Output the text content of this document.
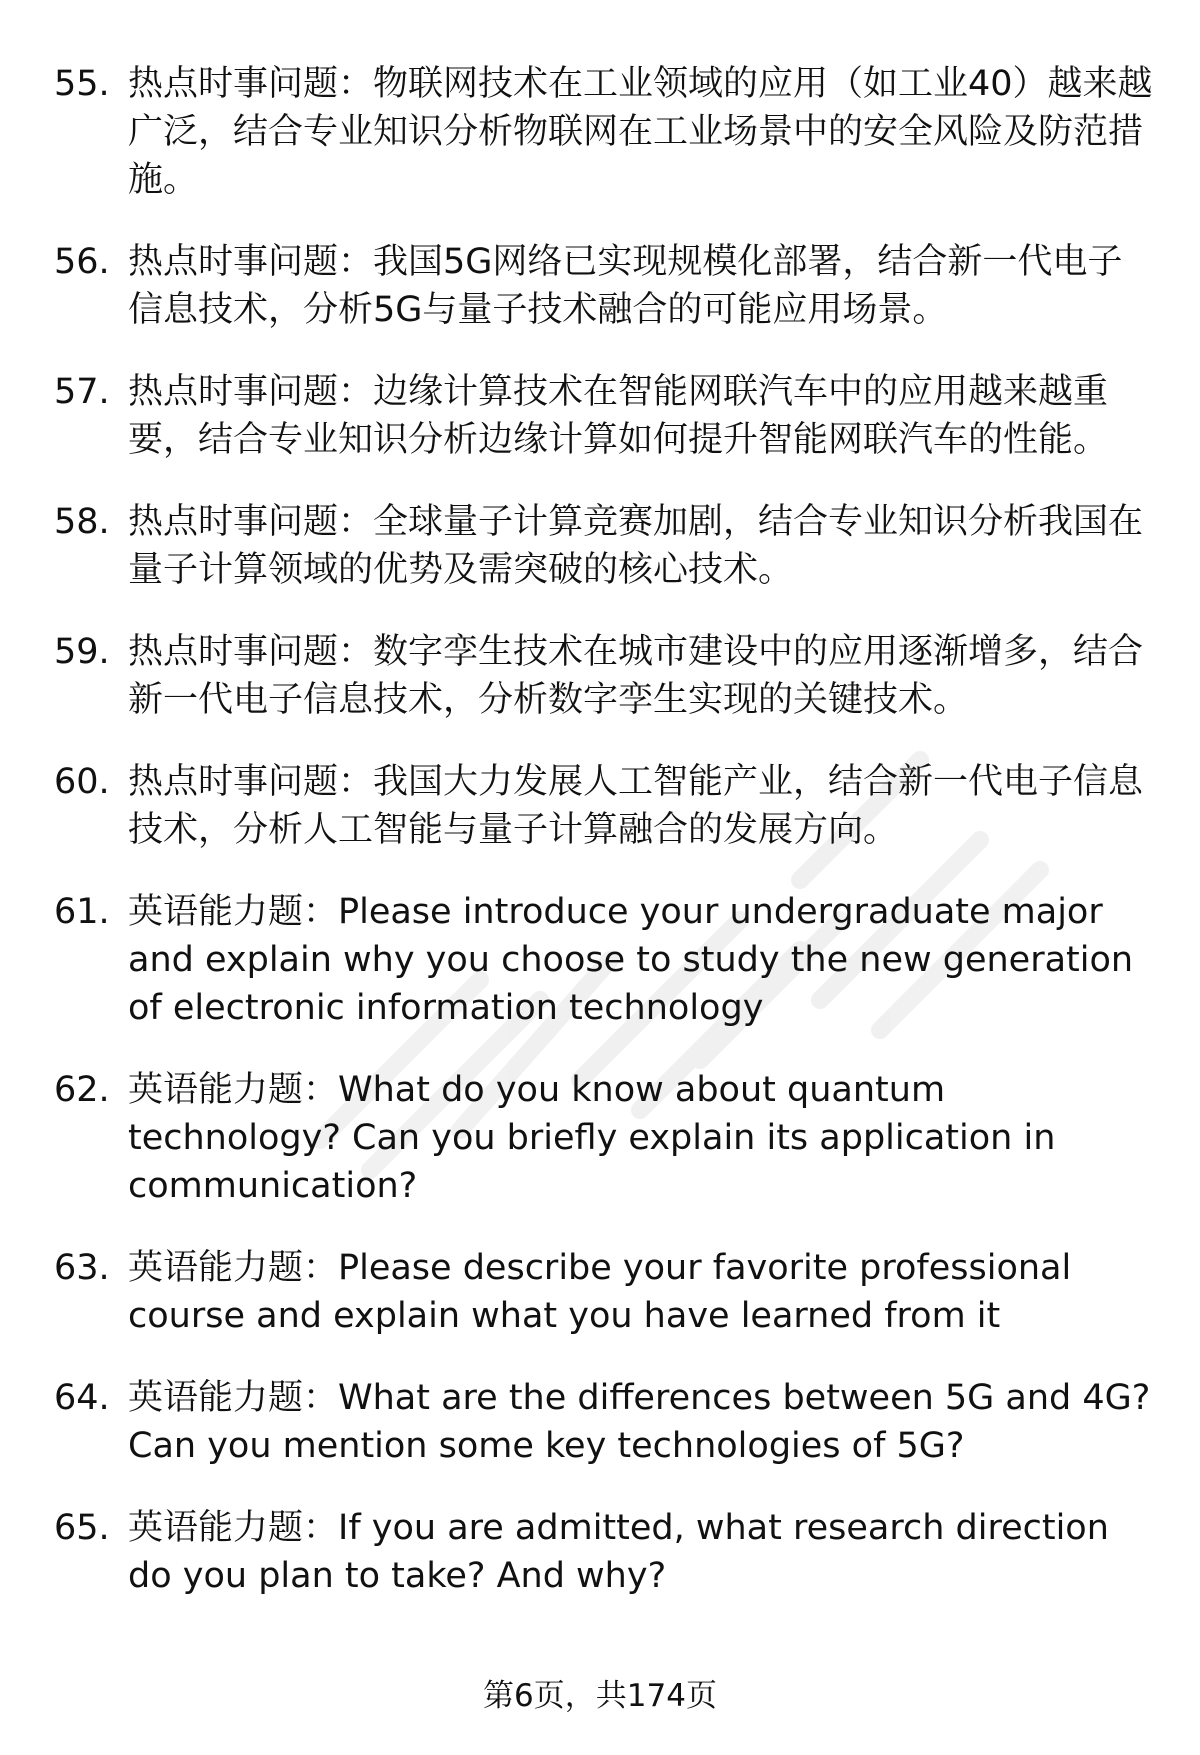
55. 热点时事问题：物联网技术在工业领域的应用（如工业40）越来越广泛，结合专业知识分析物联网在工业场景中的安全风险及防范措施。
56. 热点时事问题：我国5G网络已实现规模化部署，结合新一代电子信息技术，分析5G与量子技术融合的可能应用场景。
57. 热点时事问题：边缘计算技术在智能网联汽车中的应用越来越重要，结合专业知识分析边缘计算如何提升智能网联汽车的性能。
58. 热点时事问题：全球量子计算竞赛加剧，结合专业知识分析我国在量子计算领域的优势及需突破的核心技术。
59. 热点时事问题：数字孪生技术在城市建设中的应用逐渐增多，结合新一代电子信息技术，分析数字孪生实现的关键技术。
60. 热点时事问题：我国大力发展人工智能产业，结合新一代电子信息技术，分析人工智能与量子计算融合的发展方向。
61. 英语能力题：Please introduce your undergraduate major and explain why you choose to study the new generation of electronic information technology
62. 英语能力题：What do you know about quantum technology? Can you briefly explain its application in communication?
63. 英语能力题：Please describe your favorite professional course and explain what you have learned from it
64. 英语能力题：What are the differences between 5G and 4G? Can you mention some key technologies of 5G?
65. 英语能力题：If you are admitted, what research direction do you plan to take? And why?
第6页，共174页
